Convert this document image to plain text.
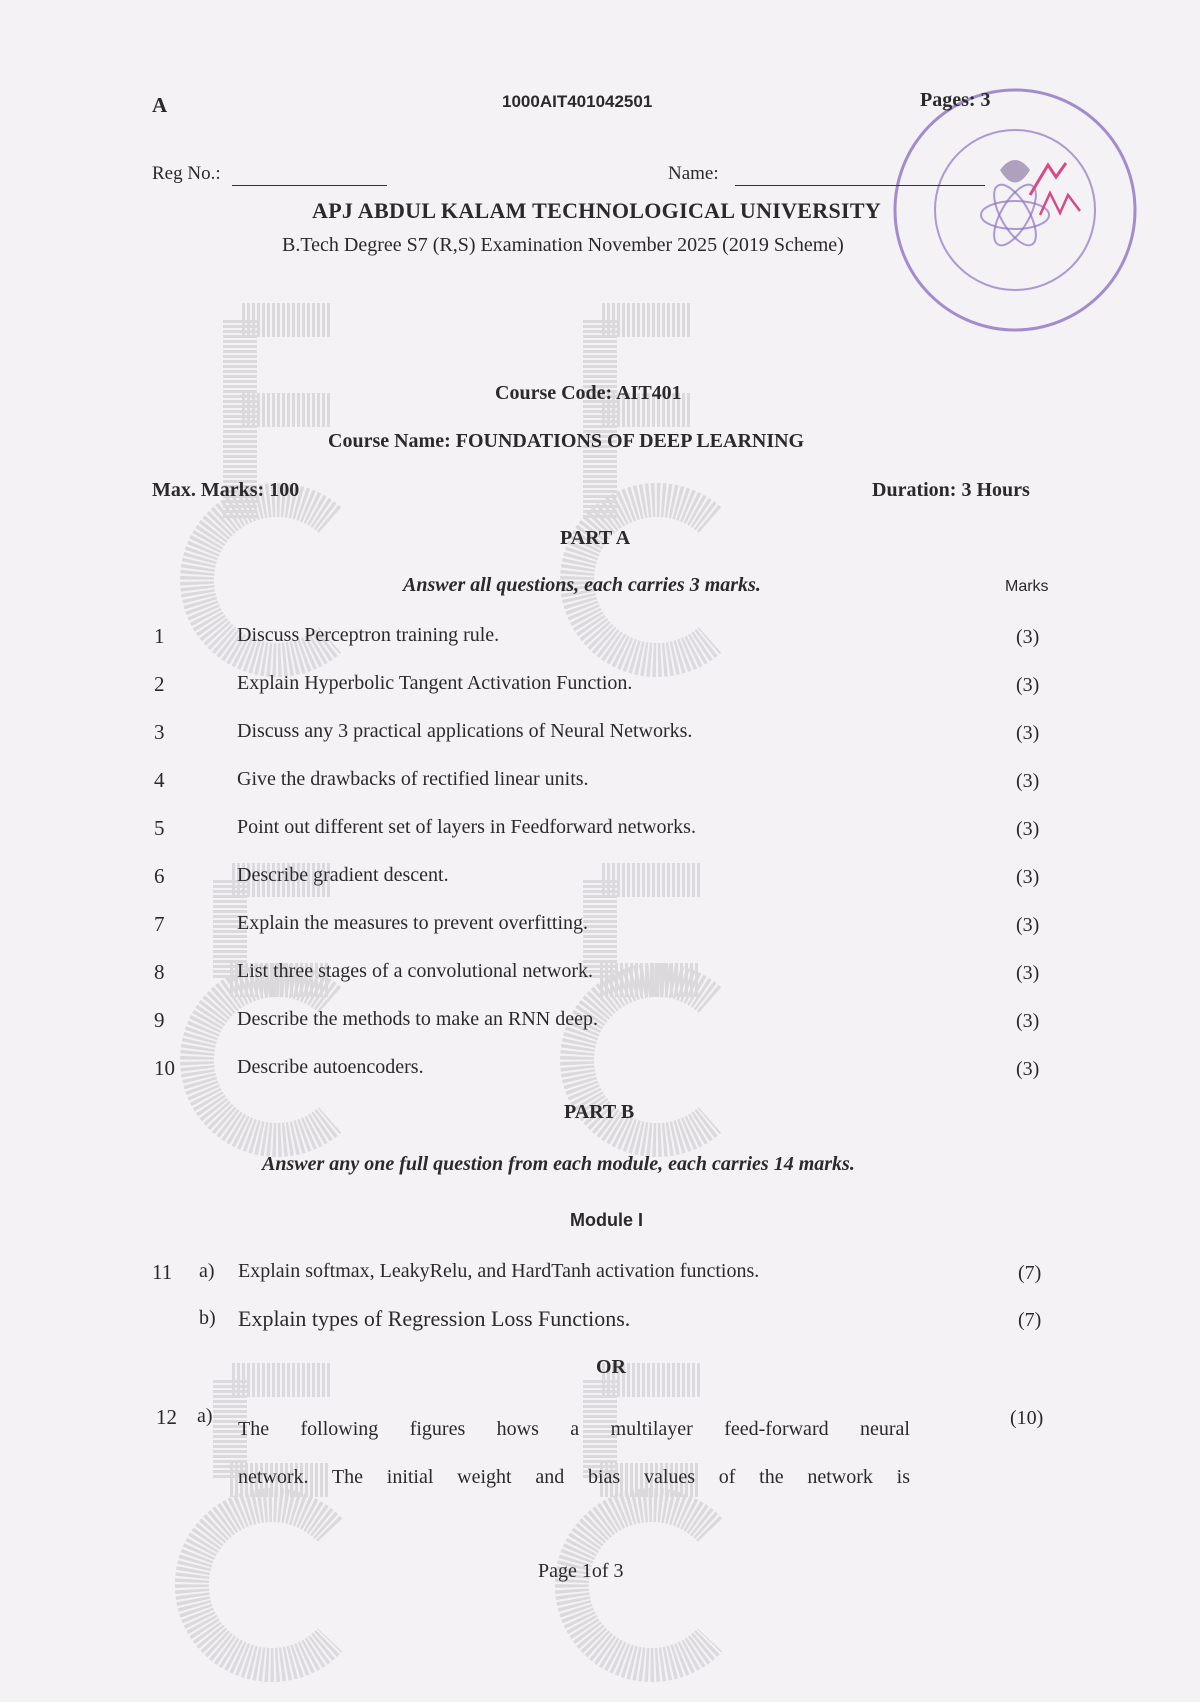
A	1000AIT401042501	Pages: 3
Reg No.:	Name:
APJ ABDUL KALAM TECHNOLOGICAL UNIVERSITY
B.Tech Degree S7 (R,S) Examination November 2025 (2019 Scheme)
Course Code: AIT401
Course Name: FOUNDATIONS OF DEEP LEARNING
Max. Marks: 100	Duration: 3 Hours
PART A
Answer all questions, each carries 3 marks.	Marks
1	Discuss Perceptron training rule.	(3)
2	Explain Hyperbolic Tangent Activation Function.	(3)
3	Discuss any 3 practical applications of Neural Networks.	(3)
4	Give the drawbacks of rectified linear units.	(3)
5	Point out different set of layers in Feedforward networks.	(3)
6	Describe gradient descent.	(3)
7	Explain the measures to prevent overfitting.	(3)
8	List three stages of a convolutional network.	(3)
9	Describe the methods to make an RNN deep.	(3)
10	Describe autoencoders.	(3)
PART B
Answer any one full question from each module, each carries 14 marks.
Module I
11 a) Explain softmax, LeakyRelu, and HardTanh activation functions.	(7)
b) Explain types of Regression Loss Functions.	(7)
OR
12 a)
The following figures hows a multilayer feed-forward neural
network. The initial weight and bias values of the network is
(10)
Page 1of 3
